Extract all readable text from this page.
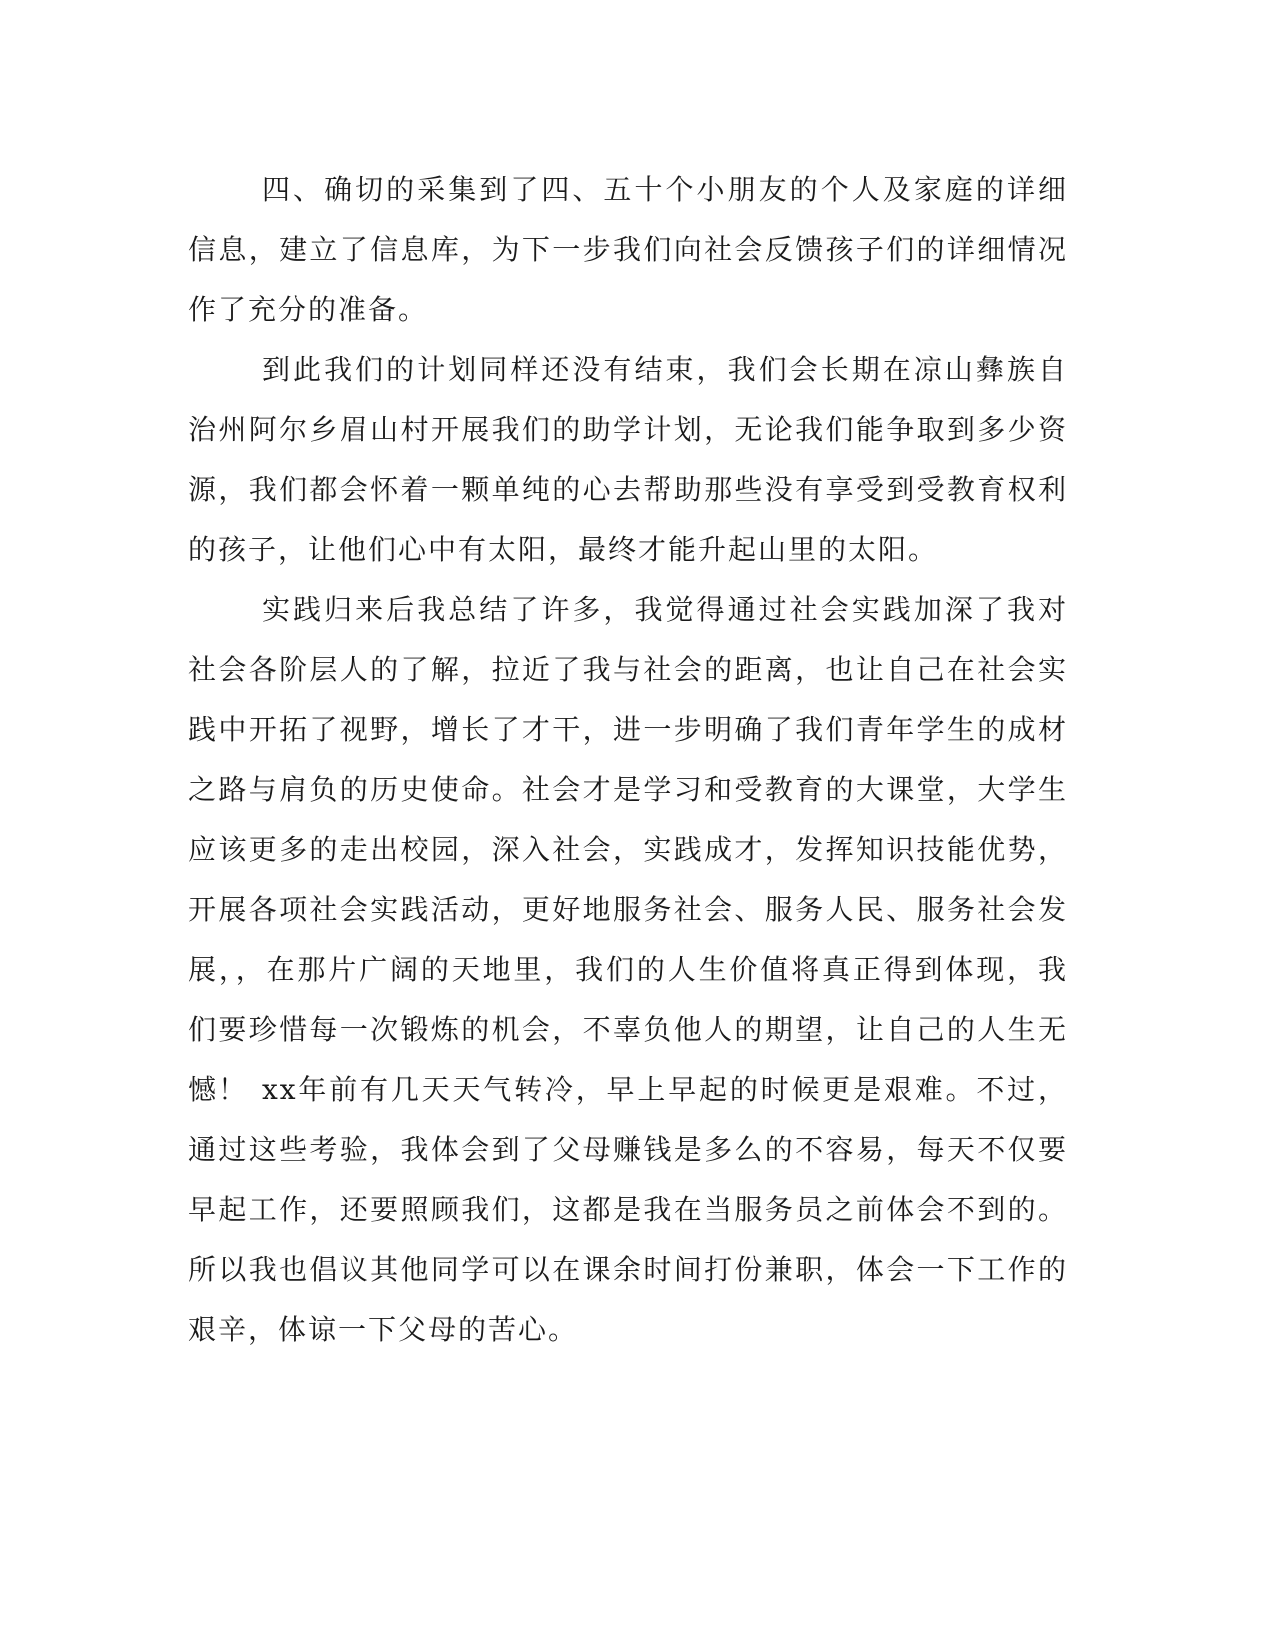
四、确切的采集到了四、五十个小朋友的个人及家庭的详细信息，建立了信息库，为下一步我们向社会反馈孩子们的详细情况作了充分的准备。

到此我们的计划同样还没有结束，我们会长期在凉山彝族自治州阿尔乡眉山村开展我们的助学计划，无论我们能争取到多少资源，我们都会怀着一颗单纯的心去帮助那些没有享受到受教育权利的孩子，让他们心中有太阳，最终才能升起山里的太阳。

实践归来后我总结了许多，我觉得通过社会实践加深了我对社会各阶层人的了解，拉近了我与社会的距离，也让自己在社会实践中开拓了视野，增长了才干，进一步明确了我们青年学生的成材之路与肩负的历史使命。社会才是学习和受教育的大课堂，大学生应该更多的走出校园，深入社会，实践成才，发挥知识技能优势，开展各项社会实践活动，更好地服务社会、服务人民、服务社会发展，，在那片广阔的天地里，我们的人生价值将真正得到体现，我们要珍惜每一次锻炼的机会，不辜负他人的期望，让自己的人生无憾！ xx年前有几天天气转冷，早上早起的时候更是艰难。不过，通过这些考验，我体会到了父母赚钱是多么的不容易，每天不仅要早起工作，还要照顾我们，这都是我在当服务员之前体会不到的。所以我也倡议其他同学可以在课余时间打份兼职，体会一下工作的艰辛，体谅一下父母的苦心。
